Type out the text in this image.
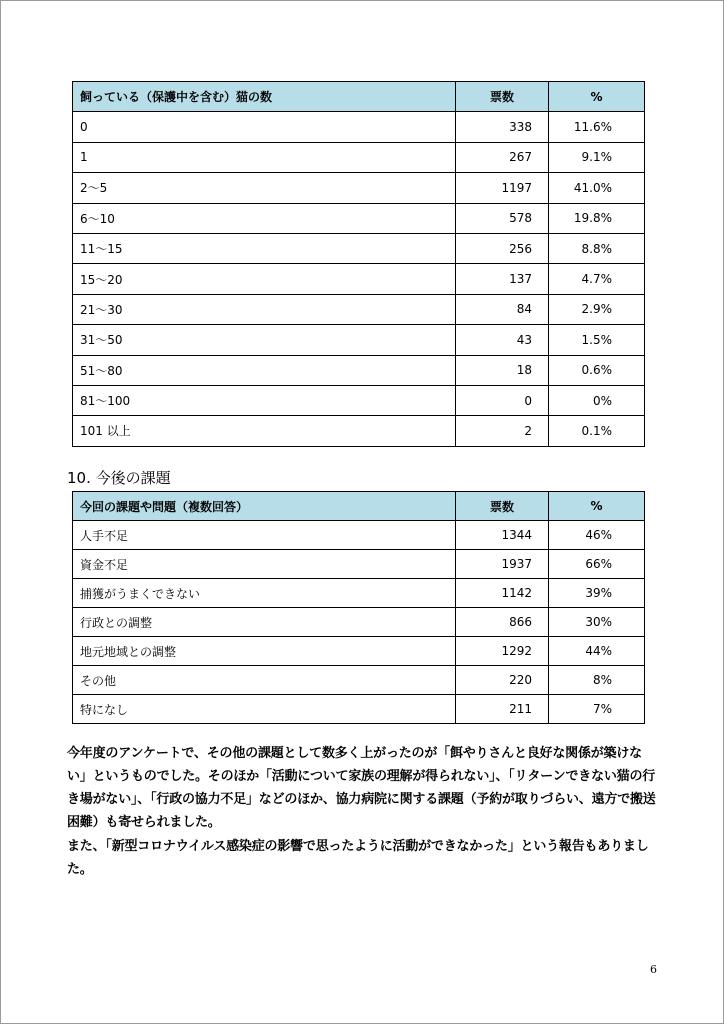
飼っている（保護中を含む）猫の数	票数	%
0	338	11.6%
1	267	9.1%
2～5	1197	41.0%
6～10	578	19.8%
11～15	256	8.8%
15～20	137	4.7%
21～30	84	2.9%
31～50	43	1.5%
51～80	18	0.6%
81～100	0	0%
101 以上	2	0.1%
10. 今後の課題
今回の課題や問題（複数回答）	票数	%
人手不足	1344	46%
資金不足	1937	66%
捕獲がうまくできない	1142	39%
行政との調整	866	30%
地元地域との調整	1292	44%
その他	220	8%
特になし	211	7%

今年度のアンケートで、その他の課題として数多く上がったのが「餌やりさんと良好な関係が築けない」というものでした。そのほか「活動について家族の理解が得られない」、「リターンできない猫の行き場がない」、「行政の協力不足」などのほか、協力病院に関する課題（予約が取りづらい、遠方で搬送困難）も寄せられました。

また、「新型コロナウイルス感染症の影響で思ったように活動ができなかった」という報告もありました。

6
